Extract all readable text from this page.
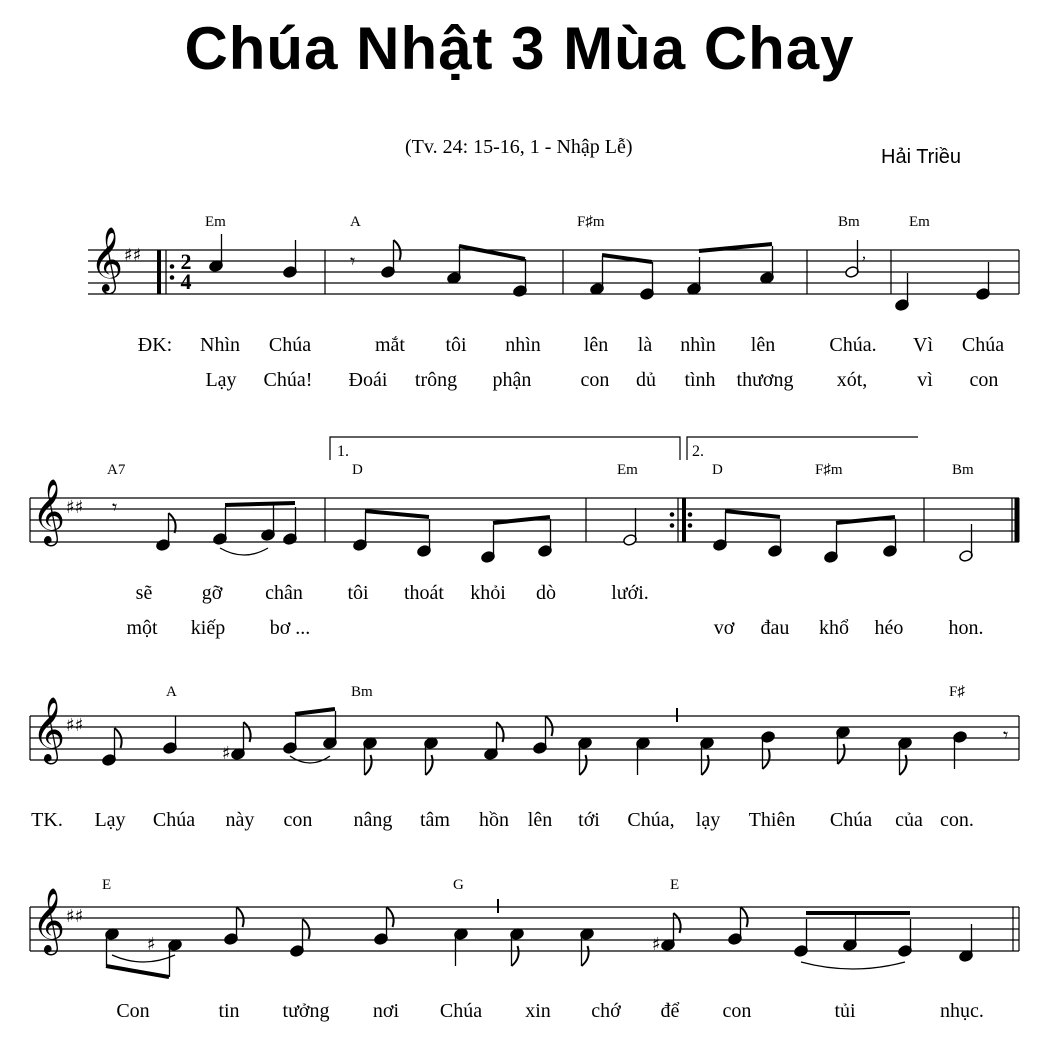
Chúa Nhật 3 Mùa Chay
(Tv. 24: 15-16, 1 - Nhập Lễ)	Hải Triều
𝄾	,
𝄾
♯
𝄾
♯	♯
𝄞 ♯♯ 2
4
𝄞 ♯♯
𝄞 ♯♯
𝄞 ♯♯
Em	A	F♯m	Bm	Em
ĐK: Nhìn Chúa	mắt tôi nhìn lên là nhìn lên	Chúa. Vì Chúa
Lạy Chúa! Đoái trông phận con dủ tình thương xót, vì con
1.	2.
A7	D	Em	D	F♯m	Bm
sẽ gỡ chân tôi thoát khỏi dò	lưới.
một kiếp bơ ...	vơ đau khổ héo hon.
A	Bm	F♯
TK. Lạy Chúa này con nâng tâm hồn lên tới Chúa, lạy Thiên Chúa của con.
E	G	E
Con	tin tưởng nơi Chúa xin chớ để con	tủi	nhục.
